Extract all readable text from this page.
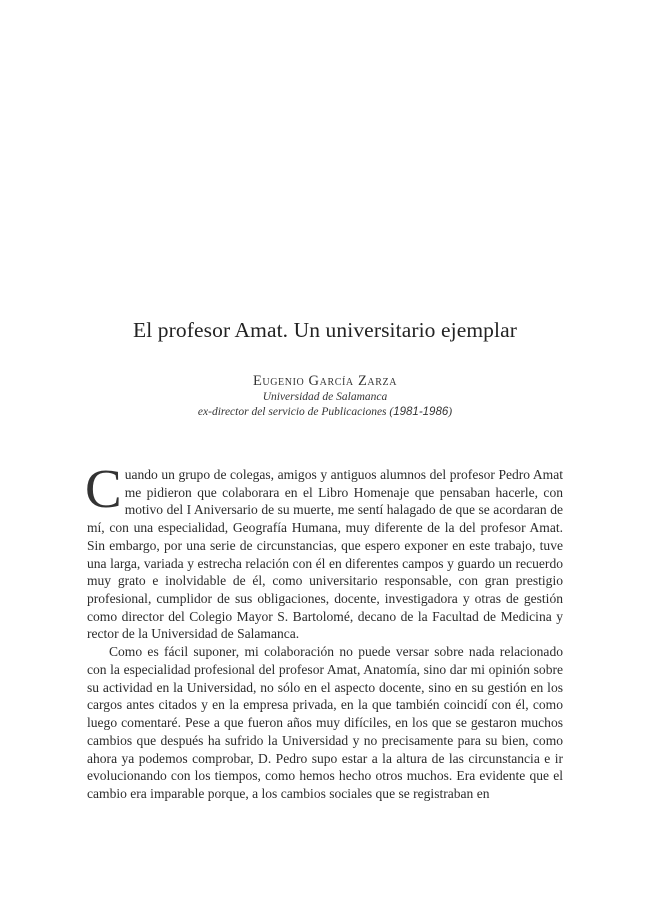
El profesor Amat. Un universitario ejemplar
Eugenio García Zarza
Universidad de Salamanca
ex-director del servicio de Publicaciones (1981-1986)

Cuando un grupo de colegas, amigos y antiguos alumnos del profesor Pedro Amat me pidieron que colaborara en el Libro Homenaje que pensaban hacerle, con motivo del I Aniversario de su muerte, me sentí halagado de que se acordaran de mí, con una especialidad, Geografía Humana, muy diferente de la del profesor Amat. Sin embargo, por una serie de circunstancias, que espero exponer en este trabajo, tuve una larga, variada y estrecha relación con él en diferentes campos y guardo un recuerdo muy grato e inolvidable de él, como universitario responsable, con gran prestigio profesional, cumplidor de sus obligaciones, docente, investigadora y otras de gestión como director del Colegio Mayor S. Bartolomé, decano de la Facultad de Medicina y rector de la Universidad de Salamanca.

Como es fácil suponer, mi colaboración no puede versar sobre nada relacionado con la especialidad profesional del profesor Amat, Anatomía, sino dar mi opinión sobre su actividad en la Universidad, no sólo en el aspecto docente, sino en su gestión en los cargos antes citados y en la empresa privada, en la que también coincidí con él, como luego comentaré. Pese a que fueron años muy difíciles, en los que se gestaron muchos cambios que después ha sufrido la Universidad y no precisamente para su bien, como ahora ya podemos comprobar, D. Pedro supo estar a la altura de las circunstancia e ir evolucionando con los tiempos, como hemos hecho otros muchos. Era evidente que el cambio era imparable porque, a los cambios sociales que se registraban en
